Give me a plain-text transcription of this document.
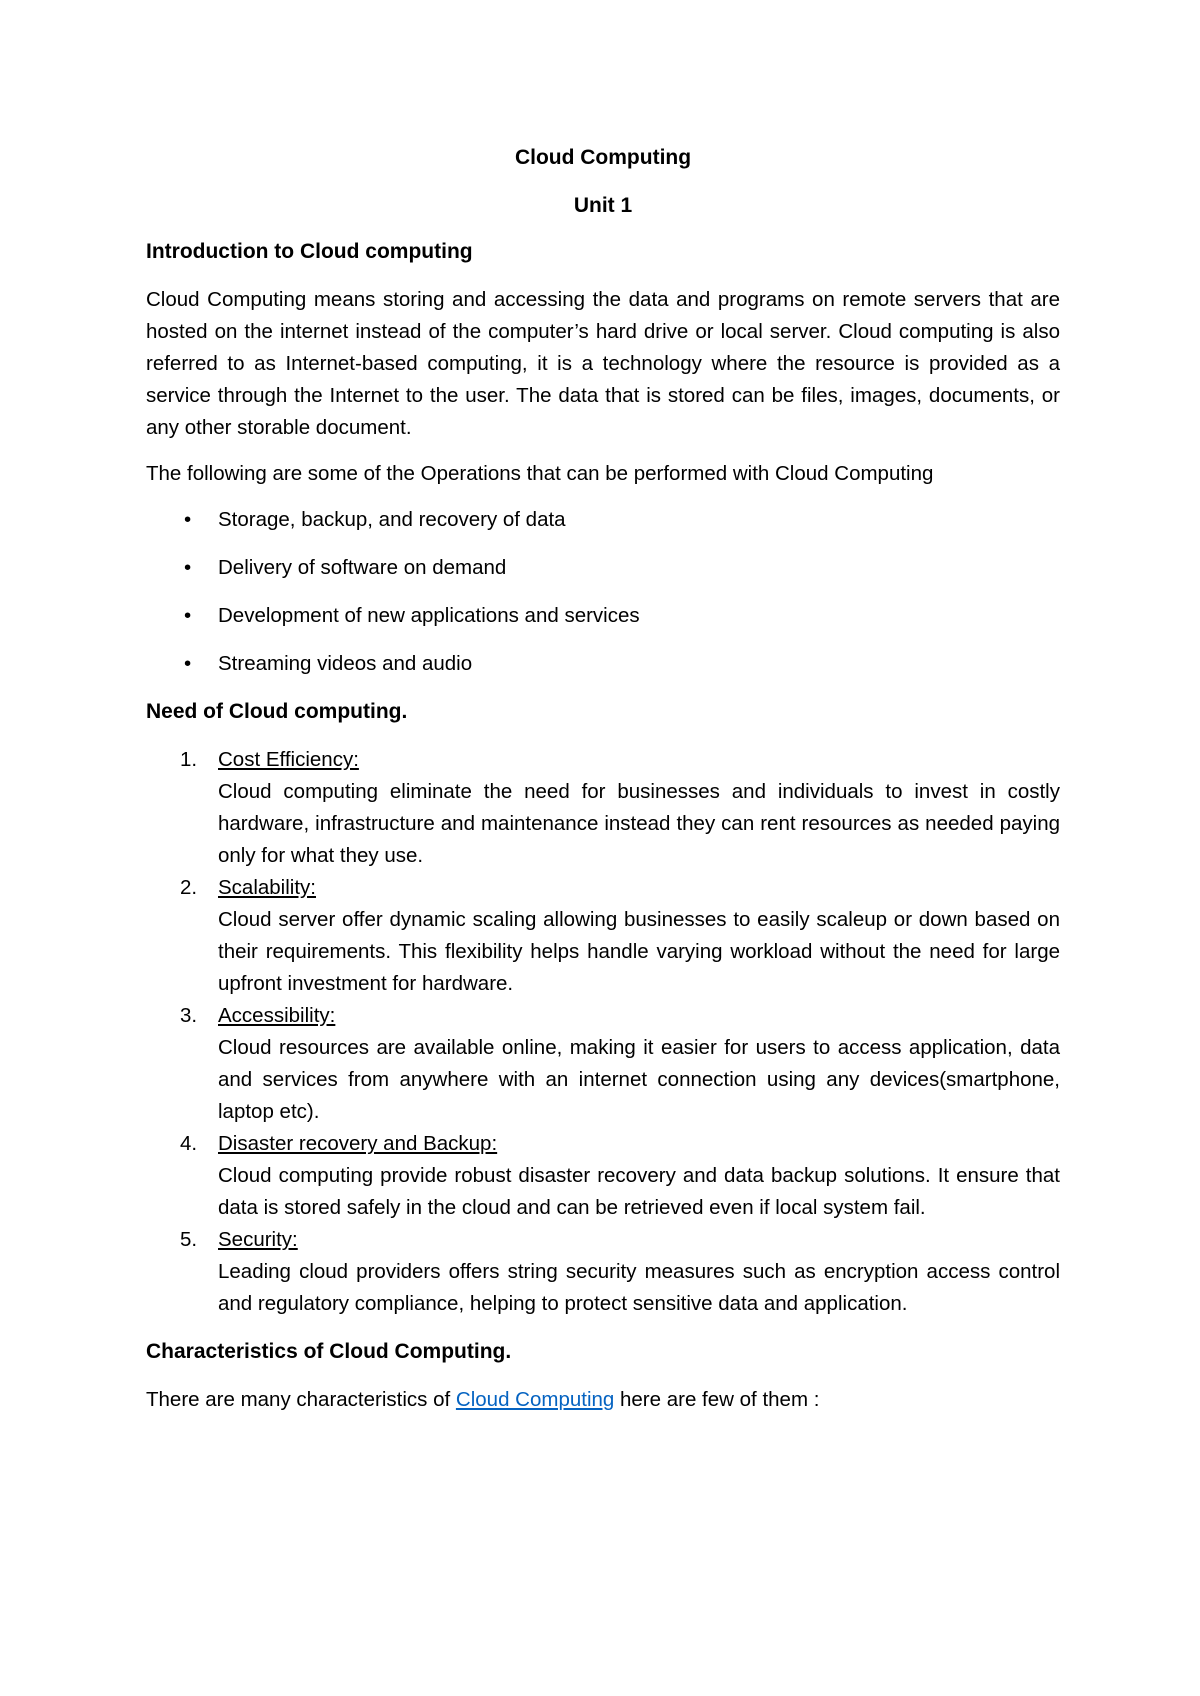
Cloud Computing
Unit 1
Introduction to Cloud computing
Cloud Computing means storing and accessing the data and programs on remote servers that are hosted on the internet instead of the computer’s hard drive or local server. Cloud computing is also referred to as Internet-based computing, it is a technology where the resource is provided as a service through the Internet to the user. The data that is stored can be files, images, documents, or any other storable document.
The following are some of the Operations that can be performed with Cloud Computing
• Storage, backup, and recovery of data
• Delivery of software on demand
• Development of new applications and services
• Streaming videos and audio
Need of Cloud computing.
1. Cost Efficiency:
Cloud computing eliminate the need for businesses and individuals to invest in costly hardware, infrastructure and maintenance instead they can rent resources as needed paying only for what they use.
2. Scalability:
Cloud server offer dynamic scaling allowing businesses to easily scaleup or down based on their requirements. This flexibility helps handle varying workload without the need for large upfront investment for hardware.
3. Accessibility:
Cloud resources are available online, making it easier for users to access application, data and services from anywhere with an internet connection using any devices(smartphone, laptop etc).
4. Disaster recovery and Backup:
Cloud computing provide robust disaster recovery and data backup solutions. It ensure that data is stored safely in the cloud and can be retrieved even if local system fail.
5. Security:
Leading cloud providers offers string security measures such as encryption access control and regulatory compliance, helping to protect sensitive data and application.
Characteristics of Cloud Computing.
There are many characteristics of Cloud Computing here are few of them :
